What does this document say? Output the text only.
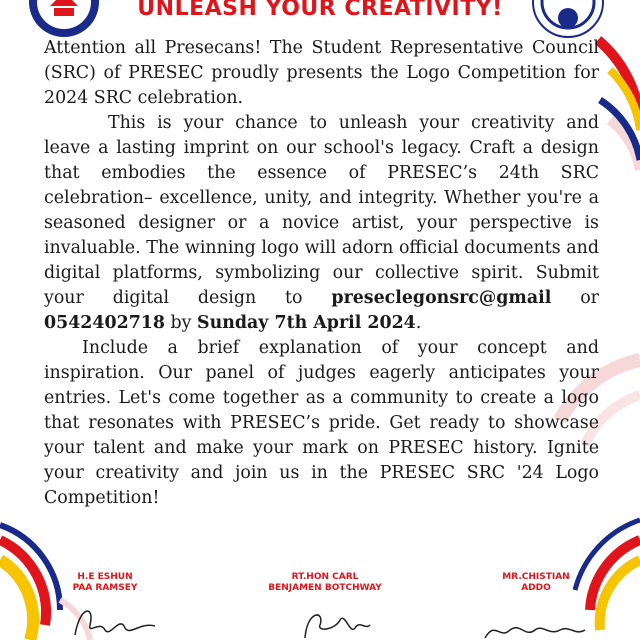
UNLEASH YOUR CREATIVITY!

Attention all Presecans! The Student Representative Council (SRC) of PRESEC proudly presents the Logo Competition for 2024 SRC celebration.

This is your chance to unleash your creativity and leave a lasting imprint on our school's legacy. Craft a design that embodies the essence of PRESEC’s 24th SRC celebration– excellence, unity, and integrity. Whether you're a seasoned designer or a novice artist, your perspective is invaluable. The winning logo will adorn official documents and digital platforms, symbolizing our collective spirit. Submit your digital design to preseclegonsrc@gmail or 0542402718 by Sunday 7th April 2024.

Include a brief explanation of your concept and inspiration. Our panel of judges eagerly anticipates your entries. Let's come together as a community to create a logo that resonates with PRESEC’s pride. Get ready to showcase your talent and make your mark on PRESEC history. Ignite your creativity and join us in the PRESEC SRC '24 Logo Competition!

H.E ESHUN
PAA RAMSEY
RT.HON CARL
BENJAMEN BOTCHWAY
MR.CHISTIAN
ADDO
